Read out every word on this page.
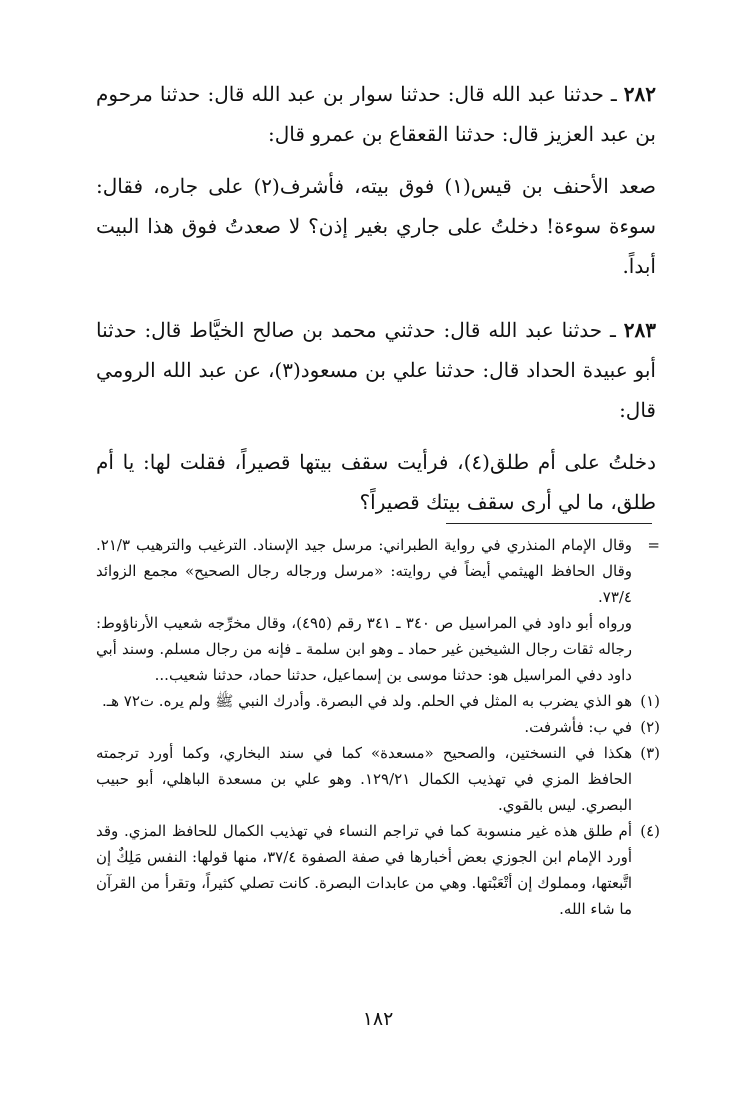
٢٨٢ ـ حدثنا عبد الله قال: حدثنا سوار بن عبد الله قال: حدثنا مرحوم بن عبد العزيز قال: حدثنا القعقاع بن عمرو قال:

صعد الأحنف بن قيس(١) فوق بيته، فأشرف(٢) على جاره، فقال: سوءة سوءة! دخلتُ على جاري بغير إذن؟ لا صعدتُ فوق هذا البيت أبداً.

٢٨٣ ـ حدثنا عبد الله قال: حدثني محمد بن صالح الخيَّاط قال: حدثنا أبو عبيدة الحداد قال: حدثنا علي بن مسعود(٣)، عن عبد الله الرومي قال:

دخلتُ على أم طلق(٤)، فرأيت سقف بيتها قصيراً، فقلت لها: يا أم طلق، ما لي أرى سقف بيتك قصيراً؟

=
وقال الإمام المنذري في رواية الطبراني: مرسل جيد الإسناد. الترغيب والترهيب ٢١/٣. وقال الحافظ الهيثمي أيضاً في روايته: «مرسل ورجاله رجال الصحيح» مجمع الزوائد ٧٣/٤.
ورواه أبو داود في المراسيل ص ٣٤٠ ـ ٣٤١ رقم (٤٩٥)، وقال مخرِّجه شعيب الأرناؤوط: رجاله ثقات رجال الشيخين غير حماد ـ وهو ابن سلمة ـ فإنه من رجال مسلم. وسند أبي داود دفي المراسيل هو: حدثنا موسى بن إسماعيل، حدثنا حماد، حدثنا شعيب...
(١)
هو الذي يضرب به المثل في الحلم. ولد في البصرة. وأدرك النبي ﷺ ولم يره. ت٧٢ هـ.
(٢)
في ب: فأشرفت.
(٣)
هكذا في النسختين، والصحيح «مسعدة» كما في سند البخاري، وكما أورد ترجمته الحافظ المزي في تهذيب الكمال ١٢٩/٢١. وهو علي بن مسعدة الباهلي، أبو حبيب البصري. ليس بالقوي.
(٤)
أم طلق هذه غير منسوبة كما في تراجم النساء في تهذيب الكمال للحافظ المزي. وقد أورد الإمام ابن الجوزي بعض أخبارها في صفة الصفوة ٣٧/٤، منها قولها: النفس مَلِكٌ إن اتَّبعتها، ومملوك إن أتْعَبْتها. وهي من عابدات البصرة. كانت تصلي كثيراً، وتقرأ من القرآن ما شاء الله.
١٨٢
